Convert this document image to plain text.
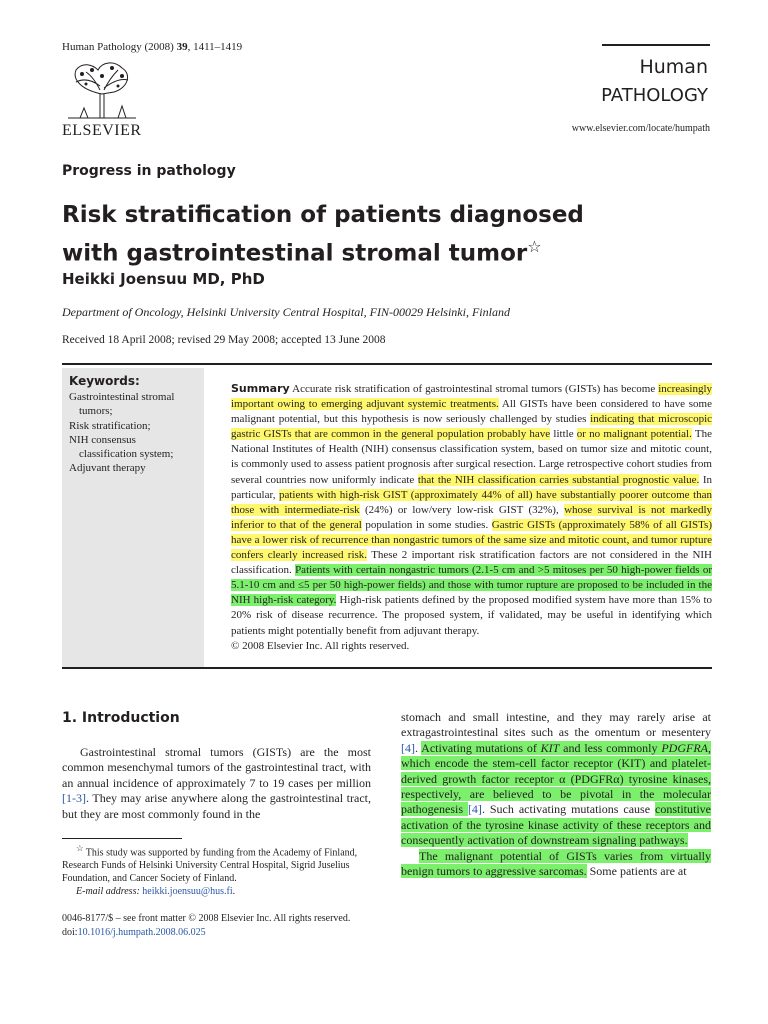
Human Pathology (2008) 39, 1411–1419
ELSEVIER
Human
PATHOLOGY
www.elsevier.com/locate/humpath
Progress in pathology
Risk stratification of patients diagnosed with gastrointestinal stromal tumor☆
Heikki Joensuu MD, PhD
Department of Oncology, Helsinki University Central Hospital, FIN-00029 Helsinki, Finland
Received 18 April 2008; revised 29 May 2008; accepted 13 June 2008
Keywords:
Gastrointestinal stromal
tumors;
Risk stratification;
NIH consensus
classification system;
Adjuvant therapy
Summary Accurate risk stratification of gastrointestinal stromal tumors (GISTs) has become increasingly important owing to emerging adjuvant systemic treatments. All GISTs have been considered to have some malignant potential, but this hypothesis is now seriously challenged by studies indicating that microscopic gastric GISTs that are common in the general population probably have little or no malignant potential. The National Institutes of Health (NIH) consensus classification system, based on tumor size and mitotic count, is commonly used to assess patient prognosis after surgical resection. Large retrospective cohort studies from several countries now uniformly indicate that the NIH classification carries substantial prognostic value. In particular, patients with high-risk GIST (approximately 44% of all) have substantially poorer outcome than those with intermediate-risk (24%) or low/very low-risk GIST (32%), whose survival is not markedly inferior to that of the general population in some studies. Gastric GISTs (approximately 58% of all GISTs) have a lower risk of recurrence than nongastric tumors of the same size and mitotic count, and tumor rupture confers clearly increased risk. These 2 important risk stratification factors are not considered in the NIH classification. Patients with certain nongastric tumors (2.1-5 cm and >5 mitoses per 50 high-power fields or 5.1-10 cm and ≤5 per 50 high-power fields) and those with tumor rupture are proposed to be included in the NIH high-risk category. High-risk patients defined by the proposed modified system have more than 15% to 20% risk of disease recurrence. The proposed system, if validated, may be useful in identifying which patients might potentially benefit from adjuvant therapy.
© 2008 Elsevier Inc. All rights reserved.
1. Introduction
Gastrointestinal stromal tumors (GISTs) are the most common mesenchymal tumors of the gastrointestinal tract, with an annual incidence of approximately 7 to 19 cases per million [1-3]. They may arise anywhere along the gastrointestinal tract, but they are most commonly found in the
stomach and small intestine, and they may rarely arise at extragastrointestinal sites such as the omentum or mesentery [4]. Activating mutations of KIT and less commonly PDGFRA, which encode the stem-cell factor receptor (KIT) and platelet-derived growth factor receptor α (PDGFRα) tyrosine kinases, respectively, are believed to be pivotal in the molecular pathogenesis [4]. Such activating mutations cause constitutive activation of the tyrosine kinase activity of these receptors and consequently activation of downstream signaling pathways.
The malignant potential of GISTs varies from virtually benign tumors to aggressive sarcomas. Some patients are at
☆ This study was supported by funding from the Academy of Finland, Research Funds of Helsinki University Central Hospital, Sigrid Juselius Foundation, and Cancer Society of Finland.
E-mail address: heikki.joensuu@hus.fi.
0046-8177/$ – see front matter © 2008 Elsevier Inc. All rights reserved.
doi:10.1016/j.humpath.2008.06.025
